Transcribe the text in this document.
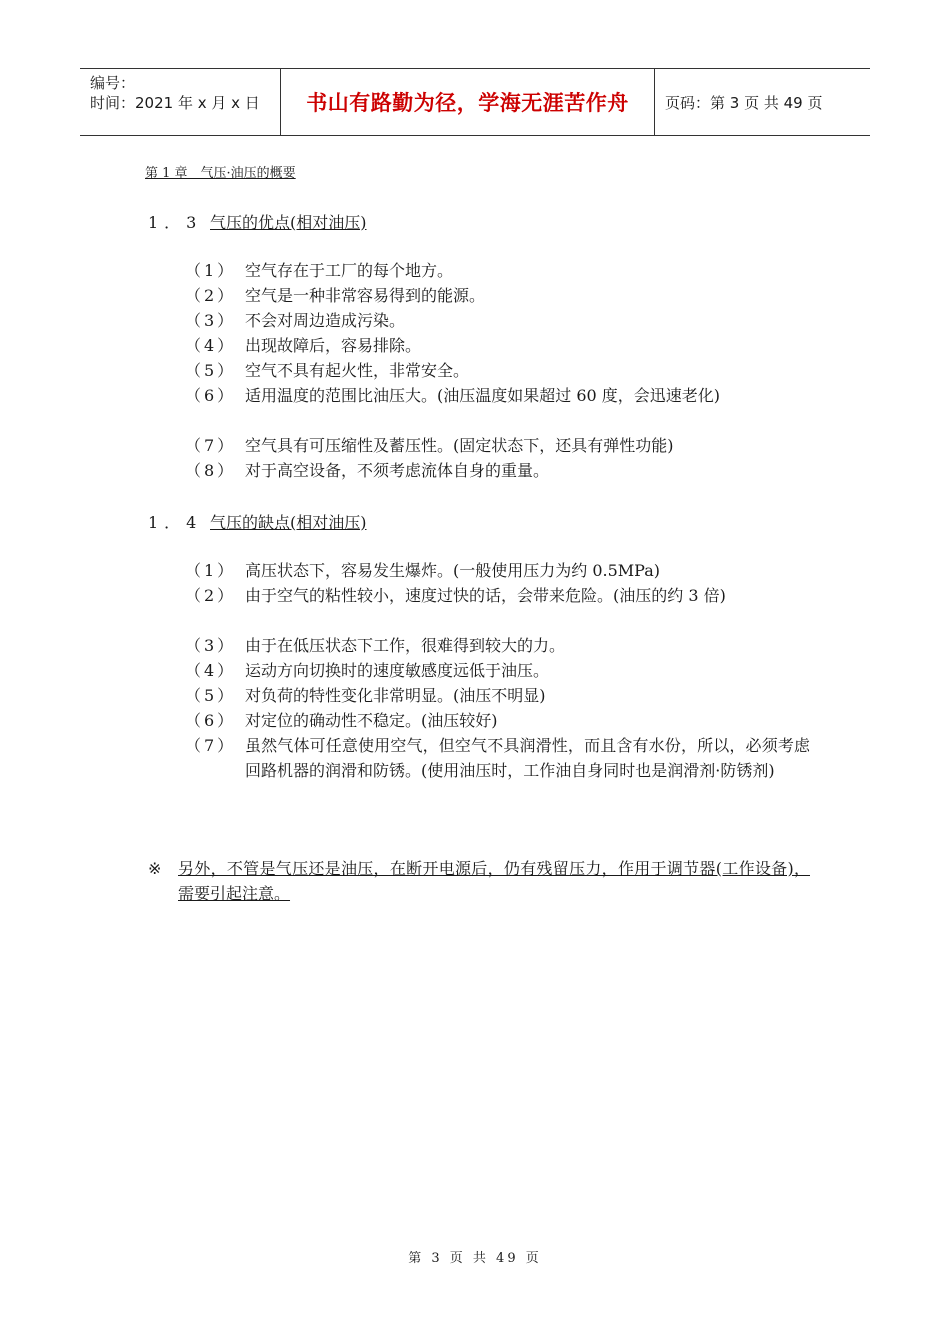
编号：
时间：2021 年 x 月 x 日	书山有路勤为径，学海无涯苦作舟	页码：第 3 页 共 49 页
第 1 章　气压·油压的概要
1．3 气压的优点(相对油压)
（1） 空气存在于工厂的每个地方。
（2） 空气是一种非常容易得到的能源。
（3） 不会对周边造成污染。
（4） 出现故障后，容易排除。
（5） 空气不具有起火性，非常安全。
（6） 适用温度的范围比油压大。(油压温度如果超过 60 度，会迅速老化)
（7） 空气具有可压缩性及蓄压性。(固定状态下，还具有弹性功能)
（8） 对于高空设备，不须考虑流体自身的重量。
1．4 气压的缺点(相对油压)
（1） 高压状态下，容易发生爆炸。(一般使用压力为约 0.5MPa)
（2） 由于空气的粘性较小，速度过快的话，会带来危险。(油压的约 3 倍)
（3） 由于在低压状态下工作，很难得到较大的力。
（4） 运动方向切换时的速度敏感度远低于油压。
（5） 对负荷的特性变化非常明显。(油压不明显)
（6） 对定位的确动性不稳定。(油压较好)
（7） 虽然气体可任意使用空气，但空气不具润滑性，而且含有水份，所以，必须考虑回路机器的润滑和防锈。(使用油压时，工作油自身同时也是润滑剂·防锈剂)
※ 另外，不管是气压还是油压，在断开电源后，仍有残留压力，作用于调节器(工作设备)，需要引起注意。
第 3 页 共 49 页
